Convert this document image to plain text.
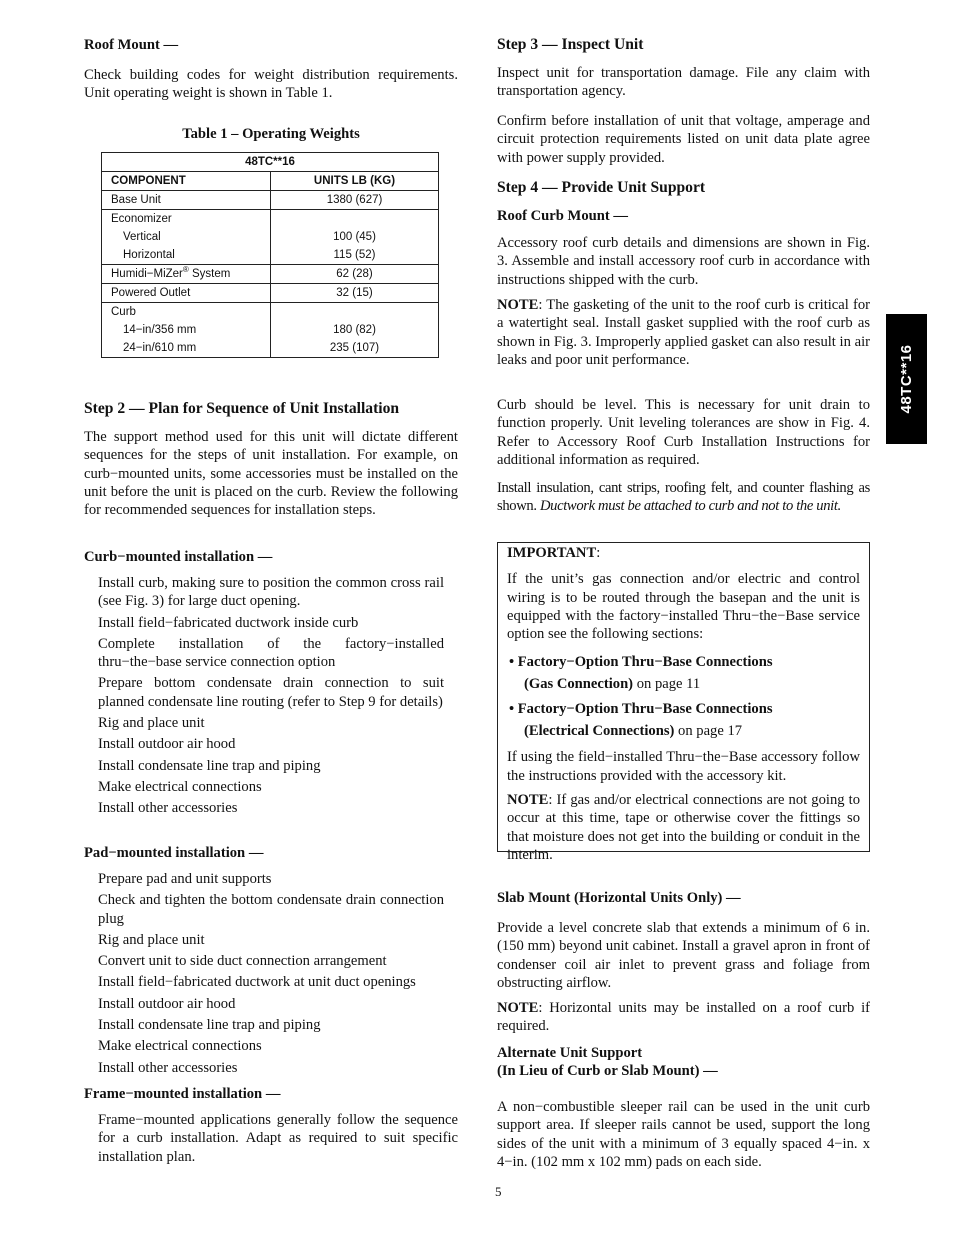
Roof Mount —

Check building codes for weight distribution requirements. Unit operating weight is shown in Table 1.

Table 1 – Operating Weights

48TC**16	
COMPONENT	UNITS LB (KG)
Base Unit	1380 (627)
Economizer	
Vertical	100 (45)
Horizontal	115 (52)
Humidi−MiZer® System	62 (28)
Powered Outlet	32 (15)
Curb	
14−in/356 mm	180 (82)
24−in/610 mm	235 (107)

Step 2 — Plan for Sequence of Unit Installation

The support method used for this unit will dictate different sequences for the steps of unit installation. For example, on curb−mounted units, some accessories must be installed on the unit before the unit is placed on the curb. Review the following for recommended sequences for installation steps.

Curb−mounted installation —

Install curb, making sure to position the common cross rail (see Fig. 3) for large duct opening.
Install field−fabricated ductwork inside curb
Complete installation of the factory−installed thru−the−base service connection option
Prepare bottom condensate drain connection to suit planned condensate line routing (refer to Step 9 for details)
Rig and place unit
Install outdoor air hood
Install condensate line trap and piping
Make electrical connections
Install other accessories

Pad−mounted installation —

Prepare pad and unit supports
Check and tighten the bottom condensate drain connection plug
Rig and place unit
Convert unit to side duct connection arrangement
Install field−fabricated ductwork at unit duct openings
Install outdoor air hood
Install condensate line trap and piping
Make electrical connections
Install other accessories

Frame−mounted installation —

Frame−mounted applications generally follow the sequence for a curb installation. Adapt as required to suit specific installation plan.

Step 3 — Inspect Unit

Inspect unit for transportation damage. File any claim with transportation agency.

Confirm before installation of unit that voltage, amperage and circuit protection requirements listed on unit data plate agree with power supply provided.

Step 4 — Provide Unit Support

Roof Curb Mount —

Accessory roof curb details and dimensions are shown in Fig. 3. Assemble and install accessory roof curb in accordance with instructions shipped with the curb.

NOTE: The gasketing of the unit to the roof curb is critical for a watertight seal. Install gasket supplied with the roof curb as shown in Fig. 3. Improperly applied gasket can also result in air leaks and poor unit performance.

Curb should be level. This is necessary for unit drain to function properly. Unit leveling tolerances are show in Fig. 4. Refer to Accessory Roof Curb Installation Instructions for additional information as required.

Install insulation, cant strips, roofing felt, and counter flashing as shown. Ductwork must be attached to curb and not to the unit.

IMPORTANT:

If the unit’s gas connection and/or electric and control wiring is to be routed through the basepan and the unit is equipped with the factory−installed Thru−the−Base service option see the following sections:

• Factory−Option Thru−Base Connections
(Gas Connection) on page 11

• Factory−Option Thru−Base Connections
(Electrical Connections) on page 17

If using the field−installed Thru−the−Base accessory follow the instructions provided with the accessory kit.

NOTE: If gas and/or electrical connections are not going to occur at this time, tape or otherwise cover the fittings so that moisture does not get into the building or conduit in the interim.

Slab Mount (Horizontal Units Only) —

Provide a level concrete slab that extends a minimum of 6 in. (150 mm) beyond unit cabinet. Install a gravel apron in front of condenser coil air inlet to prevent grass and foliage from obstructing airflow.

NOTE: Horizontal units may be installed on a roof curb if required.

Alternate Unit Support
(In Lieu of Curb or Slab Mount) —

A non−combustible sleeper rail can be used in the unit curb support area. If sleeper rails cannot be used, support the long sides of the unit with a minimum of 3 equally spaced 4−in. x 4−in. (102 mm x 102 mm) pads on each side.

48TC**16
5
